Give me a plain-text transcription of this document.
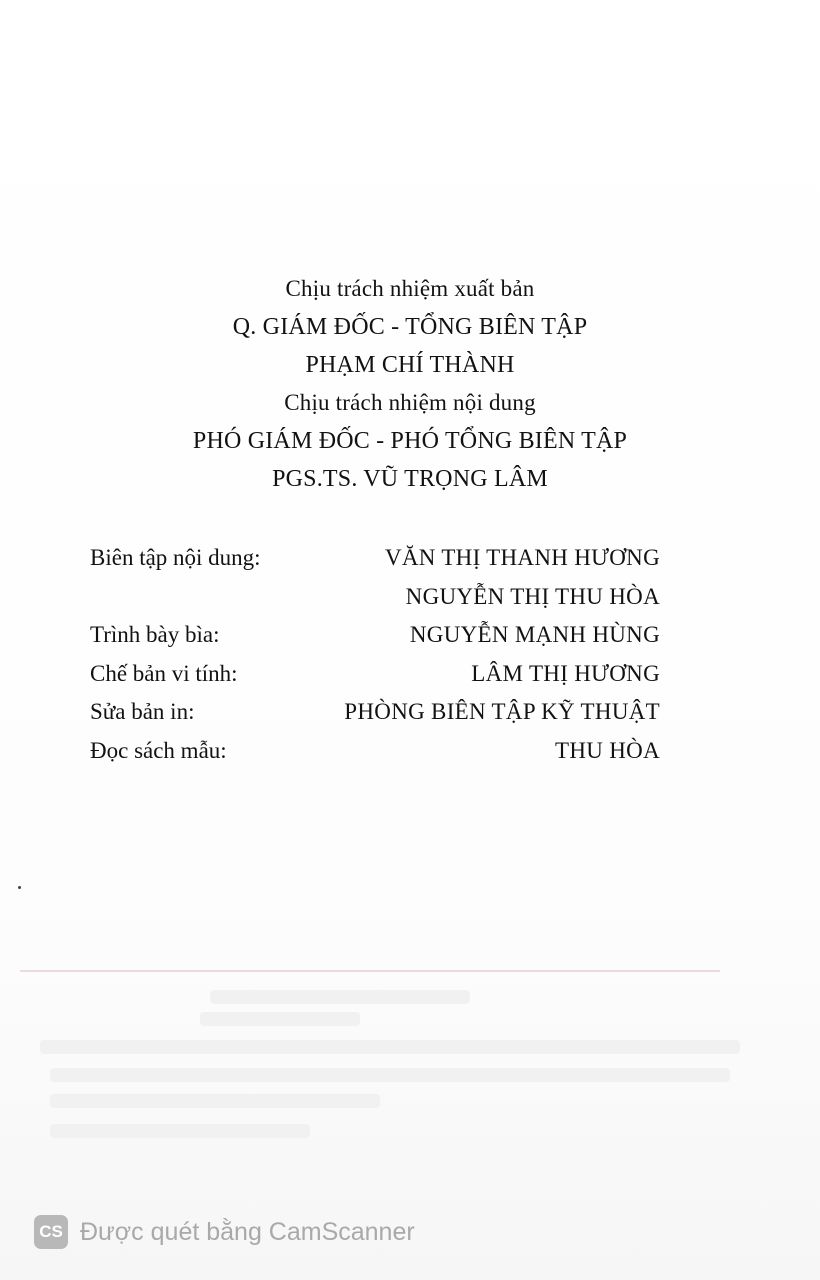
Chịu trách nhiệm xuất bản
Q. GIÁM ĐỐC - TỔNG BIÊN TẬP
PHẠM CHÍ THÀNH
Chịu trách nhiệm nội dung
PHÓ GIÁM ĐỐC - PHÓ TỔNG BIÊN TẬP
PGS.TS. VŨ TRỌNG LÂM
Biên tập nội dung:	VĂN THỊ THANH HƯƠNG
NGUYỄN THỊ THU HÒA
Trình bày bìa:	NGUYỄN MẠNH HÙNG
Chế bản vi tính:	LÂM THỊ HƯƠNG
Sửa bản in:	PHÒNG BIÊN TẬP KỸ THUẬT
Đọc sách mẫu:	THU HÒA
CS Được quét bằng CamScanner
